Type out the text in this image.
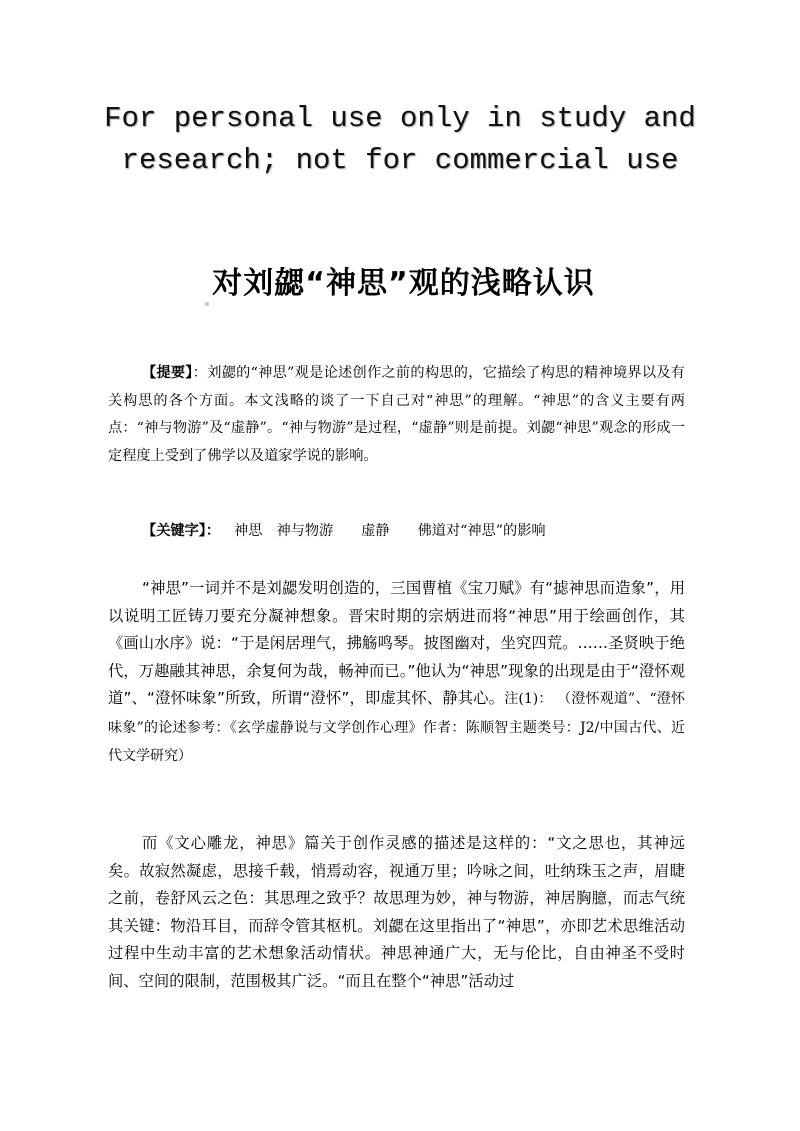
For personal use only in study and
research; not for commercial use
对刘勰“神思”观的浅略认识
【提要】：刘勰的“神思”观是论述创作之前的构思的，它描绘了构思的精神境界以及有关构思的各个方面。本文浅略的谈了一下自己对“神思”的理解。“神思”的含义主要有两点：“神与物游”及“虚静”。“神与物游”是过程，“虚静”则是前提。刘勰“神思”观念的形成一定程度上受到了佛学以及道家学说的影响。
【关键字】： 神思 神与物游 虚静 佛道对“神思”的影响
“神思”一词并不是刘勰发明创造的，三国曹植《宝刀赋》有“摅神思而造象”，用以说明工匠铸刀要充分凝神想象。晋宋时期的宗炳进而将“神思”用于绘画创作，其《画山水序》说：“于是闲居理气，拂觞鸣琴。披图幽对，坐究四荒。……圣贤映于绝代，万趣融其神思，余复何为哉，畅神而已。”他认为“神思”现象的出现是由于“澄怀观道”、“澄怀味象”所致，所谓“澄怀”，即虚其怀、静其心。注(1)： （澄怀观道”、“澄怀味象”的论述参考：《玄学虚静说与文学创作心理》作者：陈顺智主题类号：J2/中国古代、近代文学研究）
而《文心雕龙，神思》篇关于创作灵感的描述是这样的：“文之思也，其神远矣。故寂然凝虑，思接千载，悄焉动容，视通万里；吟咏之间，吐纳珠玉之声，眉睫之前，卷舒风云之色：其思理之致乎？故思理为妙，神与物游，神居胸臆，而志气统其关键：物沿耳目，而辞令管其枢机。刘勰在这里指出了“神思”，亦即艺术思维活动过程中生动丰富的艺术想象活动情状。神思神通广大，无与伦比，自由神圣不受时间、空间的限制，范围极其广泛。“而且在整个“神思”活动过
